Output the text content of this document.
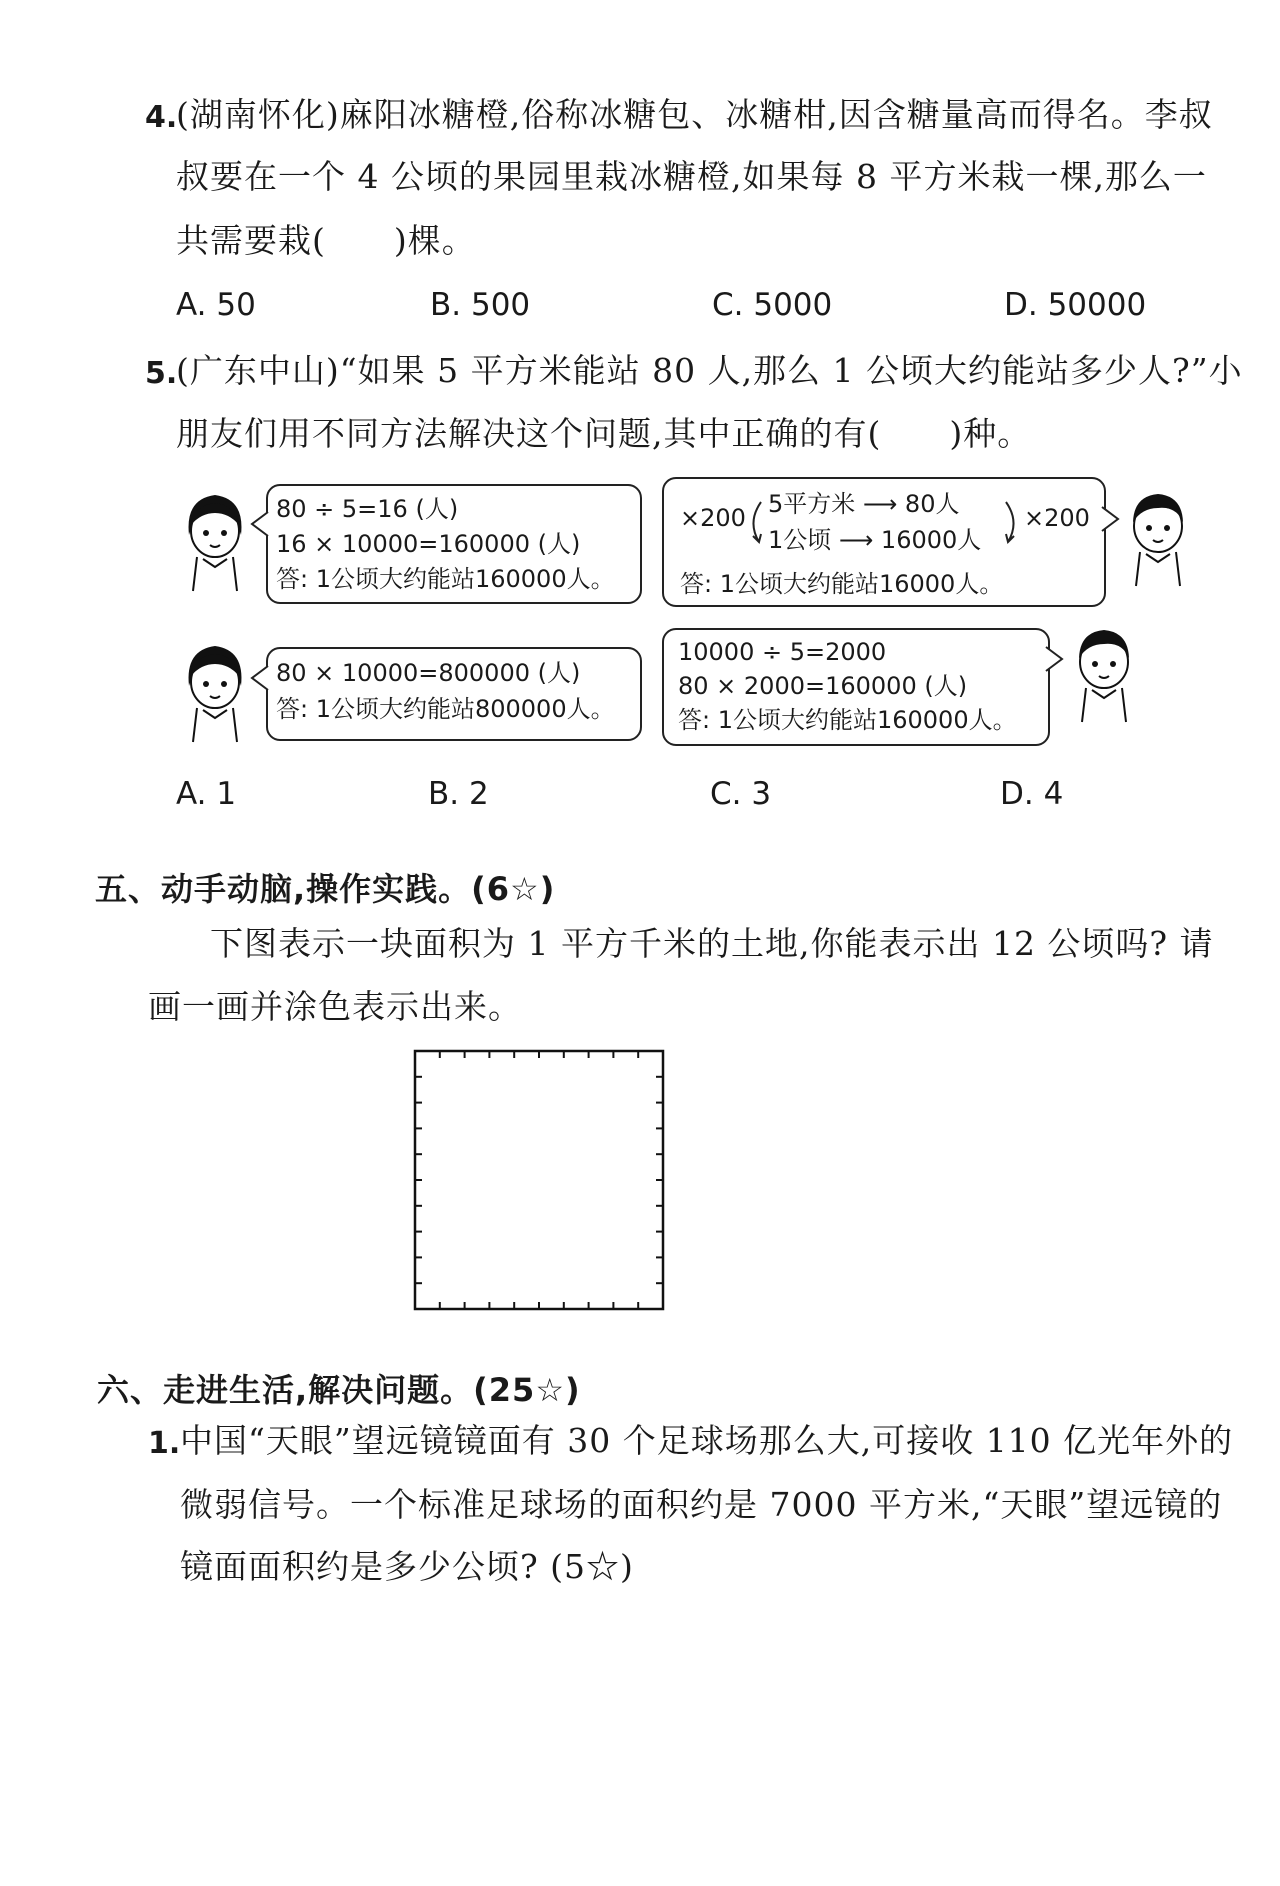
4.
(湖南怀化)麻阳冰糖橙,俗称冰糖包、冰糖柑,因含糖量高而得名。李叔
叔要在一个 4 公顷的果园里栽冰糖橙,如果每 8 平方米栽一棵,那么一
共需要栽(　　)棵。
A. 50	B. 500	C. 5000	D. 50000
5.
(广东中山)“如果 5 平方米能站 80 人,那么 1 公顷大约能站多少人?”小
朋友们用不同方法解决这个问题,其中正确的有(　　)种。
80 ÷ 5=16 (人)
16 × 10000=160000 (人)
答: 1公顷大约能站160000人。
×200 5平方米 ⟶ 80人
1公顷 ⟶ 16000人
×200
答: 1公顷大约能站16000人。
80 × 10000=800000 (人)
答: 1公顷大约能站800000人。
10000 ÷ 5=2000
80 × 2000=160000 (人)
答: 1公顷大约能站160000人。
A. 1	B. 2	C. 3	D. 4
五、动手动脑,操作实践。(6☆)
下图表示一块面积为 1 平方千米的土地,你能表示出 12 公顷吗? 请
画一画并涂色表示出来。
六、走进生活,解决问题。(25☆)
1. 中国“天眼”望远镜镜面有 30 个足球场那么大,可接收 110 亿光年外的
微弱信号。一个标准足球场的面积约是 7000 平方米,“天眼”望远镜的
镜面面积约是多少公顷? (5☆)
